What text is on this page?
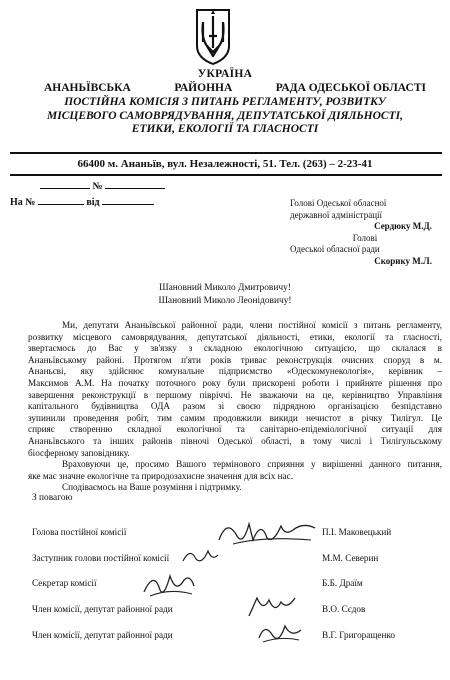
УКРАЇНА
АНАНЬЇВСЬКА	РАЙОННА	РАДА ОДЕСЬКОЇ ОБЛАСТІ
ПОСТІЙНА КОМІСІЯ З ПИТАНЬ РЕГЛАМЕНТУ, РОЗВИТКУ
МІСЦЕВОГО САМОВРЯДУВАННЯ, ДЕПУТАТСЬКОЇ ДІЯЛЬНОСТІ,
ЕТИКИ, ЕКОЛОГІЇ ТА ГЛАСНОСТІ
66400 м. Ананьїв, вул. Незалежності, 51. Тел. (263) – 2-23-41
№
На №	від	Голові Одеської обласної
державної адміністрації
Сердюку М.Д.
Голові
Одеської обласної ради
Скорику М.Л.
Шановний Миколо Дмитровичу!
Шановний Миколо Леонідовичу!
Ми, депутати Ананьївської районної ради, члени постійної комісії з питань регламенту,
розвитку місцевого самоврядування, депутатської діяльності, етики, екології та гласності,
звертаємось до Вас у зв'язку з складною екологічною ситуацією, що склалася в
Ананьївському районі. Протягом п'яти років триває реконструкція очисних споруд в м.
Ананьєві, яку здійснює комунальне підприємство «Одескомунекологія», керівник –
Максимов А.М. На початку поточного року були прискорені роботи і прийняте рішення про
завершення реконструкції в першому півріччі. Не зважаючи на це, керівництво Управління
капітального будівництва ОДА разом зі своєю підрядною організацією безпідставно
зупинили проведення робіт, тим самим продовжили викиди нечистот в річку Тилігул. Це
сприяє створенню складної екологічної та санітарно-епідеміологічної ситуації для
Ананьївського та інших районів півночі Одеської області, в тому числі і Тилігульському
біосферному заповіднику.
Враховуючи це, просимо Вашого термінового сприяння у вирішенні данного питання,
яке має значне екологічне та природозахисне значення для всіх нас.
Сподіваємось на Ваше розуміння і підтримку.
З повагою
Голова постійної комісії	П.І. Маковецький
Заступник голови постійної комісії	М.М. Северин
Секретар комісії	Б.Б. Драїм
Член комісії, депутат районної ради	В.О. Сєдов
Член комісії, депутат районної ради	В.Г. Григоращенко
